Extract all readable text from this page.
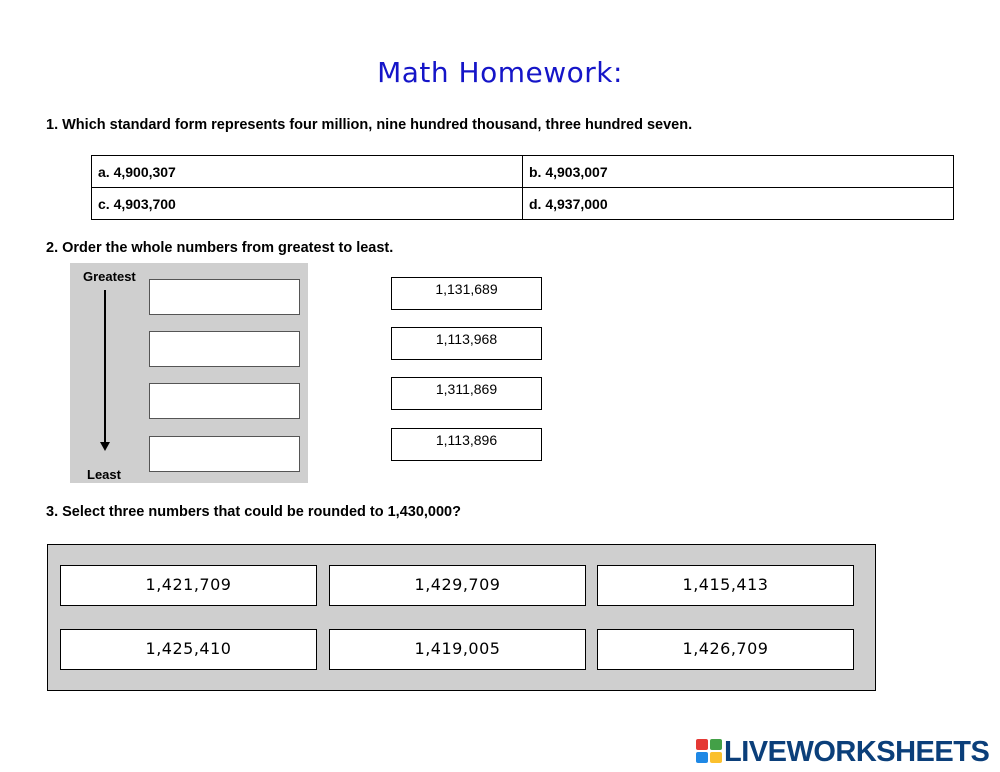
Math Homework:
1. Which standard form represents four million, nine hundred thousand, three hundred seven.
a. 4,900,307	b. 4,903,007
c. 4,903,700	d. 4,937,000
2. Order the whole numbers from greatest to least.
Greatest
Least
1,131,689
1,113,968
1,311,869
1,113,896
3. Select three numbers that could be rounded to 1,430,000?
1,421,709	1,429,709	1,415,413
1,425,410	1,419,005	1,426,709
LIVEWORKSHEETS
